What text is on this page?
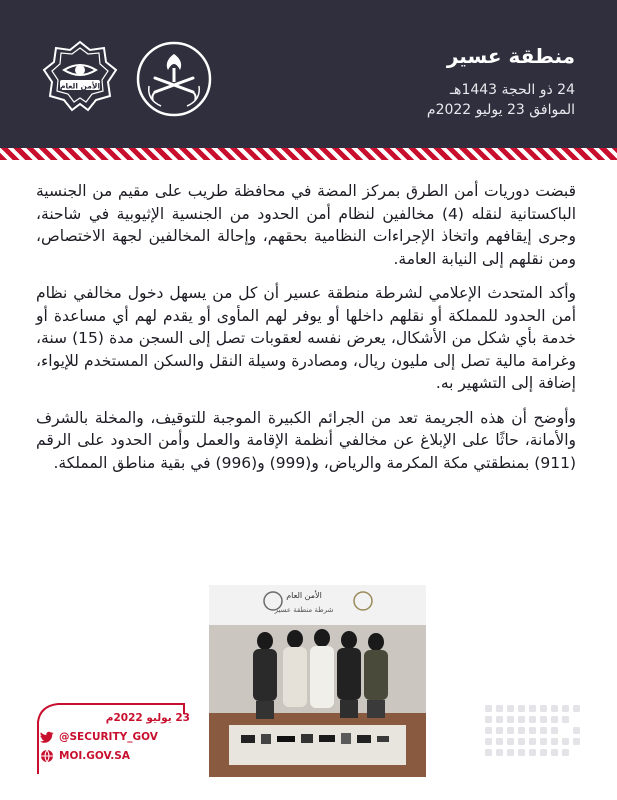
الأمن العام
منطقة عسير
24 ذو الحجة 1443هـ
الموافق 23 يوليو 2022م

قبضت دوريات أمن الطرق بمركز المضة في محافظة طريب على مقيم من الجنسية الباكستانية لنقله (4) مخالفين لنظام أمن الحدود من الجنسية الإثيوبية في شاحنة، وجرى إيقافهم واتخاذ الإجراءات النظامية بحقهم، وإحالة المخالفين لجهة الاختصاص، ومن نقلهم إلى النيابة العامة.

وأكد المتحدث الإعلامي لشرطة منطقة عسير أن كل من يسهل دخول مخالفي نظام أمن الحدود للمملكة أو نقلهم داخلها أو يوفر لهم المأوى أو يقدم لهم أي مساعدة أو خدمة بأي شكل من الأشكال، يعرض نفسه لعقوبات تصل إلى السجن مدة (15) سنة، وغرامة مالية تصل إلى مليون ريال، ومصادرة وسيلة النقل والسكن المستخدم للإيواء، إضافة إلى التشهير به.

وأوضح أن هذه الجريمة تعد من الجرائم الكبيرة الموجبة للتوقيف، والمخلة بالشرف والأمانة، حاثًا على الإبلاغ عن مخالفي أنظمة الإقامة والعمل وأمن الحدود على الرقم (911) بمنطقتي مكة المكرمة والرياض، و(999) و(996) في بقية مناطق المملكة.

الأمن العام
شرطة منطقة عسير
23 يوليو 2022م
@SECURITY_GOV
MOI.GOV.SA
